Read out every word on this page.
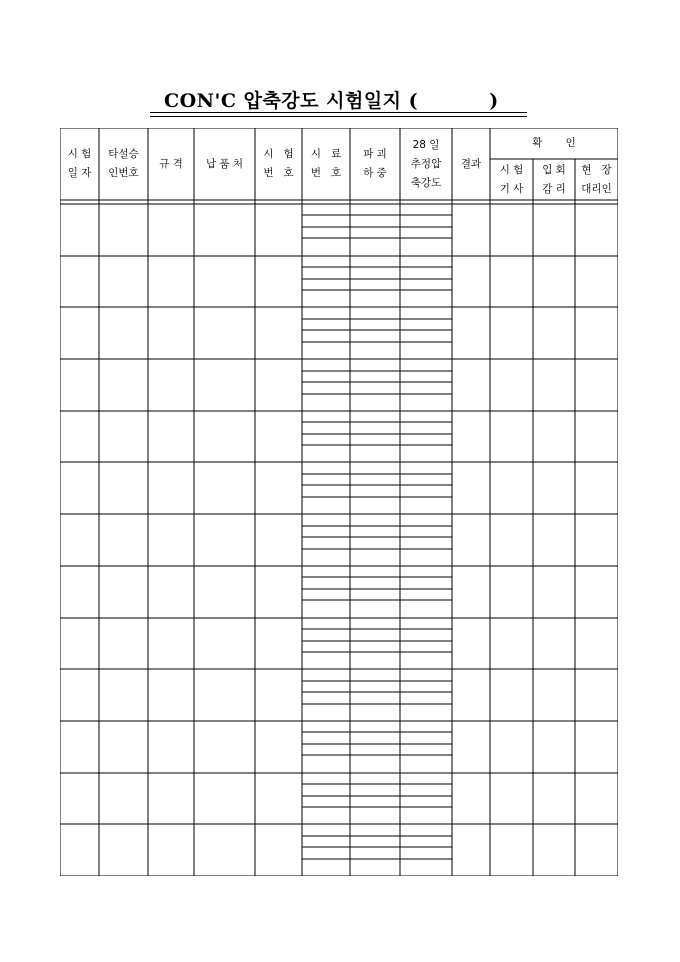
CON'C 압축강도 시험일지 (          )
시 험
일 자
타설승
인번호
규 격	납 품 처
시   험
번   호
시   료
번   호
파 괴
하 중
28 일
추정압
축강도
결과
확       인
시 험
기 사
입 회
감 리
현   장
대리인
